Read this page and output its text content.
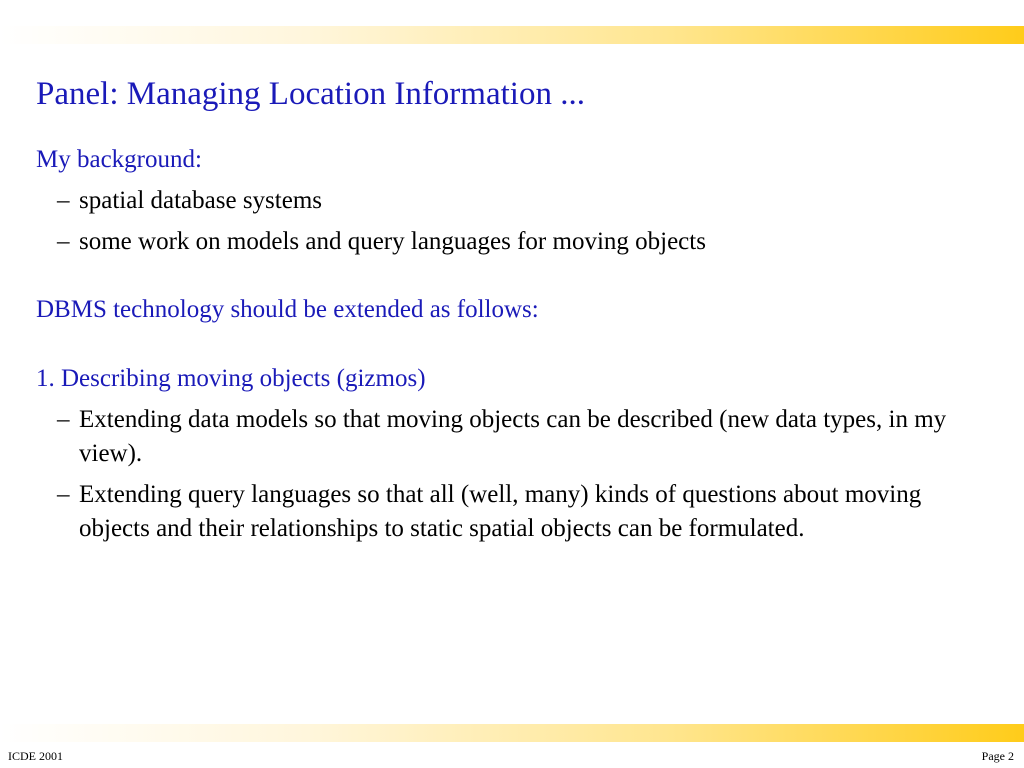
Panel: Managing Location Information ...

My background:

– spatial database systems
– some work on models and query languages for moving objects

DBMS technology should be extended as follows:

1. Describing moving objects (gizmos)

– Extending data models so that moving objects can be described (new data types, in my view).
– Extending query languages so that all (well, many) kinds of questions about moving objects and their relationships to static spatial objects can be formulated.
ICDE 2001	Page 2
